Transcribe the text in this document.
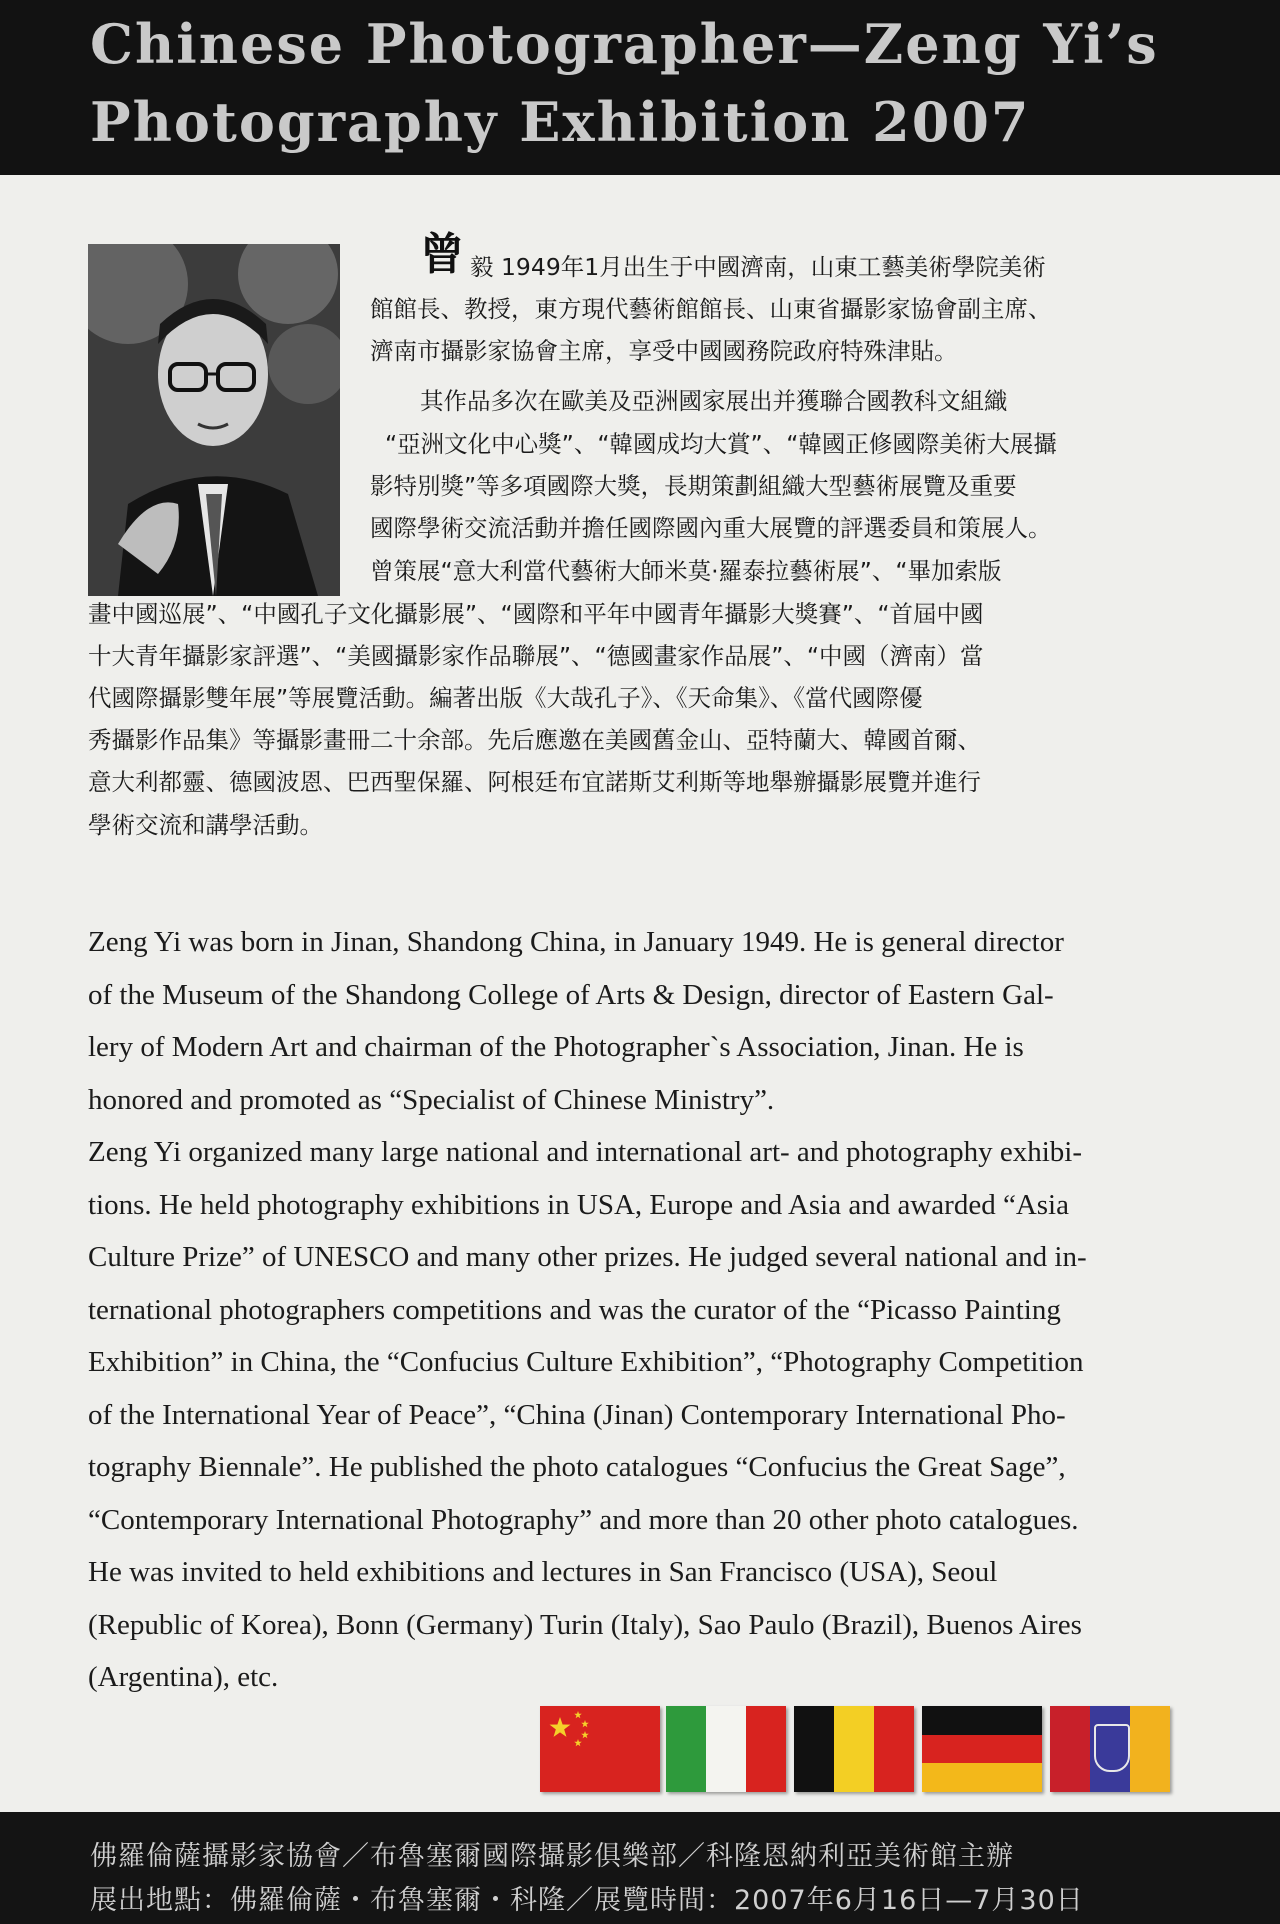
Chinese Photographer—Zeng Yi’s
Photography Exhibition 2007
曾 毅 1949年1月出生于中國濟南，山東工藝美術學院美術
館館長、教授，東方現代藝術館館長、山東省攝影家協會副主席、
濟南市攝影家協會主席，享受中國國務院政府特殊津貼。
其作品多次在歐美及亞洲國家展出并獲聯合國教科文組織
“亞洲文化中心獎”、“韓國成均大賞”、“韓國正修國際美術大展攝
影特別獎”等多項國際大獎，長期策劃組織大型藝術展覽及重要
國際學術交流活動并擔任國際國內重大展覽的評選委員和策展人。
曾策展“意大利當代藝術大師米莫·羅泰拉藝術展”、“畢加索版
畫中國巡展”、“中國孔子文化攝影展”、“國際和平年中國青年攝影大獎賽”、“首屆中國
十大青年攝影家評選”、“美國攝影家作品聯展”、“德國畫家作品展”、“中國（濟南）當
代國際攝影雙年展”等展覽活動。編著出版《大哉孔子》、《天命集》、《當代國際優
秀攝影作品集》等攝影畫冊二十余部。先后應邀在美國舊金山、亞特蘭大、韓國首爾、
意大利都靈、德國波恩、巴西聖保羅、阿根廷布宜諾斯艾利斯等地舉辦攝影展覽并進行
學術交流和講學活動。
Zeng Yi was born in Jinan, Shandong China, in January 1949. He is general director
of the Museum of the Shandong College of Arts & Design, director of Eastern Gal-
lery of Modern Art and chairman of the Photographer`s Association, Jinan. He is
honored and promoted as “Specialist of Chinese Ministry”.
Zeng Yi organized many large national and international art- and photography exhibi-
tions. He held photography exhibitions in USA, Europe and Asia and awarded “Asia
Culture Prize” of UNESCO and many other prizes. He judged several national and in-
ternational photographers competitions and was the curator of the “Picasso Painting
Exhibition” in China, the “Confucius Culture Exhibition”, “Photography Competition
of the International Year of Peace”, “China (Jinan) Contemporary International Pho-
tography Biennale”. He published the photo catalogues “Confucius the Great Sage”,
“Contemporary International Photography” and more than 20 other photo catalogues.
He was invited to held exhibitions and lectures in San Francisco (USA), Seoul
(Republic of Korea), Bonn (Germany) Turin (Italy), Sao Paulo (Brazil), Buenos Aires
(Argentina), etc.
佛羅倫薩攝影家協會／布魯塞爾國際攝影俱樂部／科隆恩納利亞美術館主辦
展出地點：佛羅倫薩・布魯塞爾・科隆／展覽時間：2007年6月16日—7月30日
